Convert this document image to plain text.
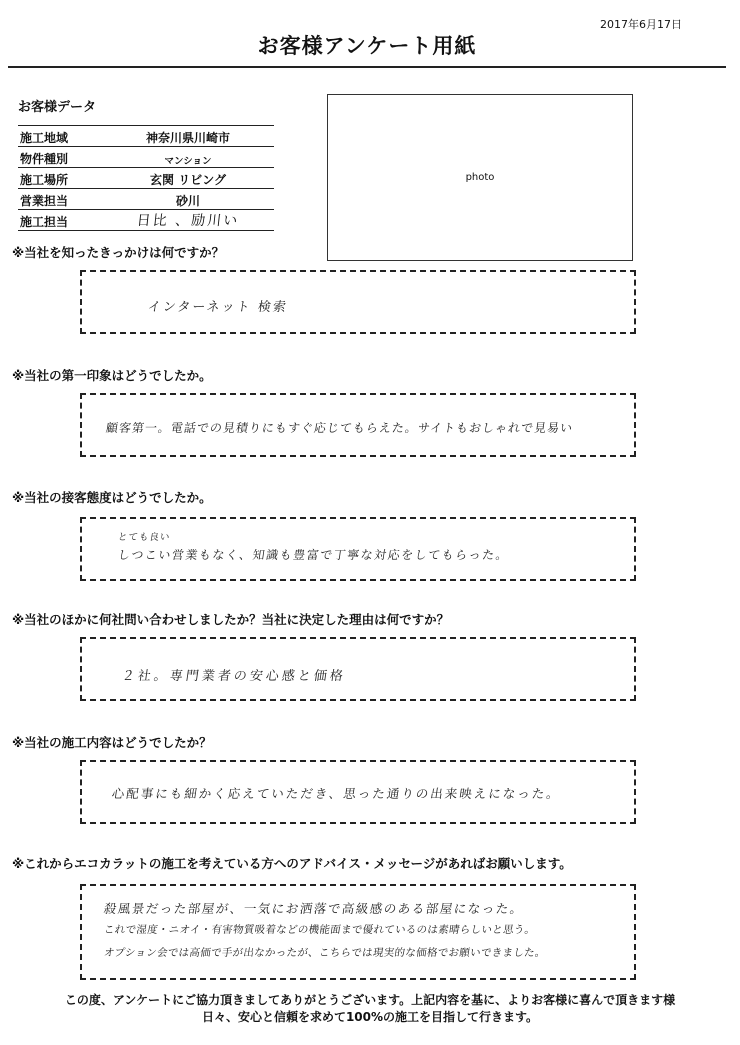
2017年6月17日
お客様アンケート用紙
お客様データ
施工地域	神奈川県川崎市
物件種別	マンション
施工場所	玄関 リビング
営業担当	砂川
施工担当	日比 、励川い
photo
※当社を知ったきっかけは何ですか？
インターネット 検索
※当社の第一印象はどうでしたか。
顧客第一。電話での見積りにもすぐ応じてもらえた。サイトもおしゃれで見易い
※当社の接客態度はどうでしたか。
とても良い
しつこい営業もなく、知識も豊富で丁寧な対応をしてもらった。
※当社のほかに何社問い合わせしましたか？当社に決定した理由は何ですか？
２社。専門業者の安心感と価格
※当社の施工内容はどうでしたか？
心配事にも細かく応えていただき、思った通りの出来映えになった。
※これからエコカラットの施工を考えている方へのアドバイス・メッセージがあればお願いします。
殺風景だった部屋が、一気にお洒落で高級感のある部屋になった。
これで湿度・ニオイ・有害物質吸着などの機能面まで優れているのは素晴らしいと思う。
オプション会では高価で手が出なかったが、こちらでは現実的な価格でお願いできました。
この度、アンケートにご協力頂きましてありがとうございます。上記内容を基に、よりお客様に喜んで頂きます様
日々、安心と信頼を求めて100%の施工を目指して行きます。
